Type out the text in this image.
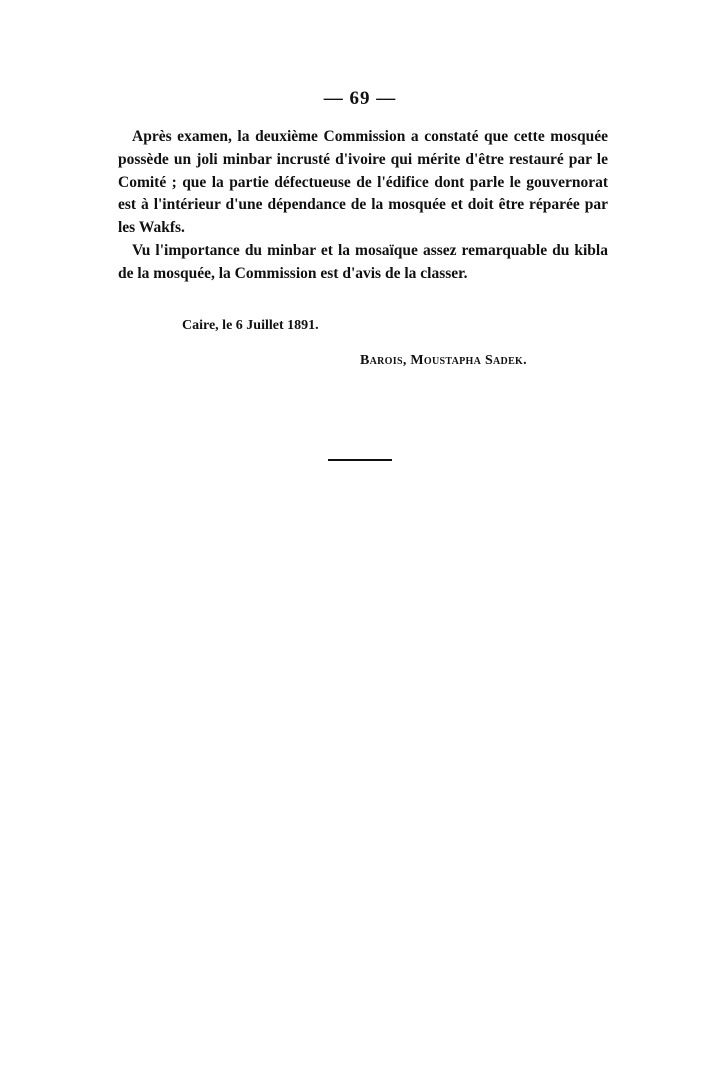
— 69 —

Après examen, la deuxième Commission a constaté que cette mosquée possède un joli minbar incrusté d'ivoire qui mérite d'être restauré par le Comité ; que la partie défectueuse de l'édifice dont parle le gouvernorat est à l'intérieur d'une dépendance de la mosquée et doit être réparée par les Wakfs.

Vu l'importance du minbar et la mosaïque assez remarquable du kibla de la mosquée, la Commission est d'avis de la classer.

Caire, le 6 Juillet 1891.
Barois, Moustapha Sadek.
